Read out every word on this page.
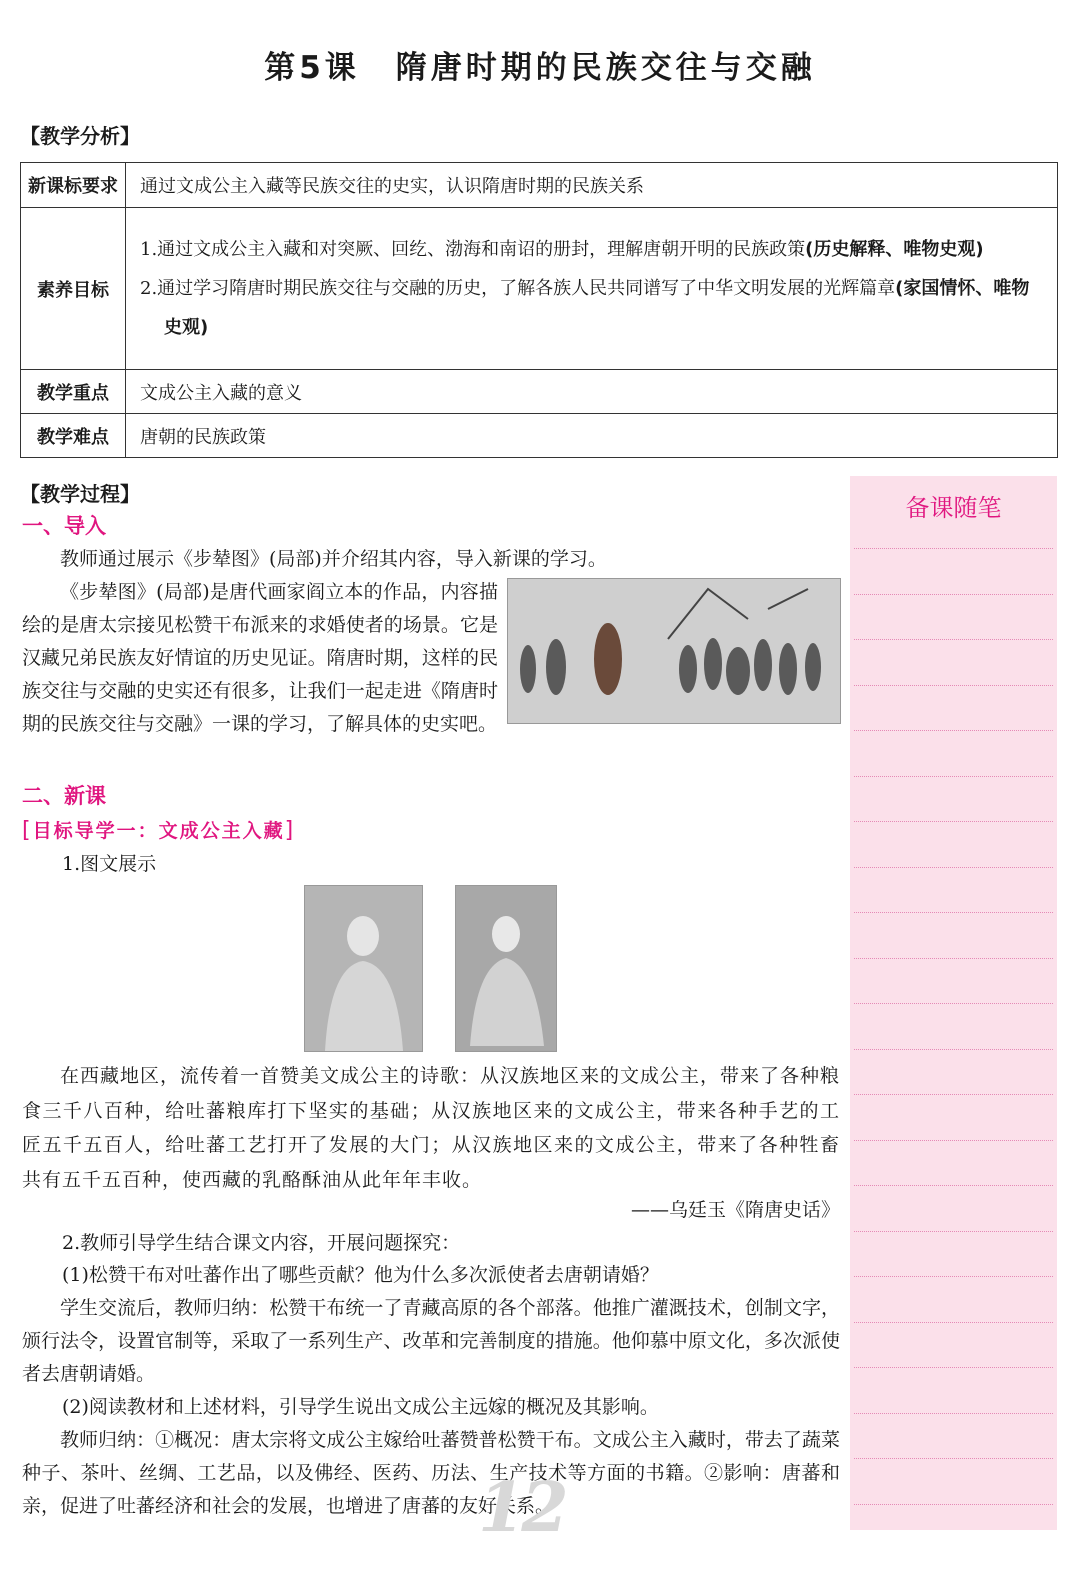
第5课 隋唐时期的民族交往与交融
【教学分析】
新课标要求	通过文成公主入藏等民族交往的史实，认识隋唐时期的民族关系
素养目标	1.通过文成公主入藏和对突厥、回纥、渤海和南诏的册封，理解唐朝开明的民族政策(历史解释、唯物史观)

2.通过学习隋唐时期民族交往与交融的历史，了解各族人民共同谱写了中华文明发展的光辉篇章(家国情怀、唯物史观)

教学重点	文成公主入藏的意义
教学难点	唐朝的民族政策
备课随笔
【教学过程】
一、导入

教师通过展示《步辇图》(局部)并介绍其内容，导入新课的学习。

《步辇图》(局部)是唐代画家阎立本的作品，内容描绘的是唐太宗接见松赞干布派来的求婚使者的场景。它是汉藏兄弟民族友好情谊的历史见证。隋唐时期，这样的民族交往与交融的史实还有很多，让我们一起走进《隋唐时期的民族交往与交融》一课的学习，了解具体的史实吧。

二、新课
[目标导学一：文成公主入藏]

1.图文展示

在西藏地区，流传着一首赞美文成公主的诗歌：从汉族地区来的文成公主，带来了各种粮食三千八百种，给吐蕃粮库打下坚实的基础；从汉族地区来的文成公主，带来各种手艺的工匠五千五百人，给吐蕃工艺打开了发展的大门；从汉族地区来的文成公主，带来了各种牲畜共有五千五百种，使西藏的乳酪酥油从此年年丰收。

——乌廷玉《隋唐史话》

2.教师引导学生结合课文内容，开展问题探究：

(1)松赞干布对吐蕃作出了哪些贡献？他为什么多次派使者去唐朝请婚？

学生交流后，教师归纳：松赞干布统一了青藏高原的各个部落。他推广灌溉技术，创制文字，颁行法令，设置官制等，采取了一系列生产、改革和完善制度的措施。他仰慕中原文化，多次派使者去唐朝请婚。

(2)阅读教材和上述材料，引导学生说出文成公主远嫁的概况及其影响。

教师归纳：①概况：唐太宗将文成公主嫁给吐蕃赞普松赞干布。文成公主入藏时，带去了蔬菜种子、茶叶、丝绸、工艺品，以及佛经、医药、历法、生产技术等方面的书籍。②影响：唐蕃和亲，促进了吐蕃经济和社会的发展，也增进了唐蕃的友好关系。

12
